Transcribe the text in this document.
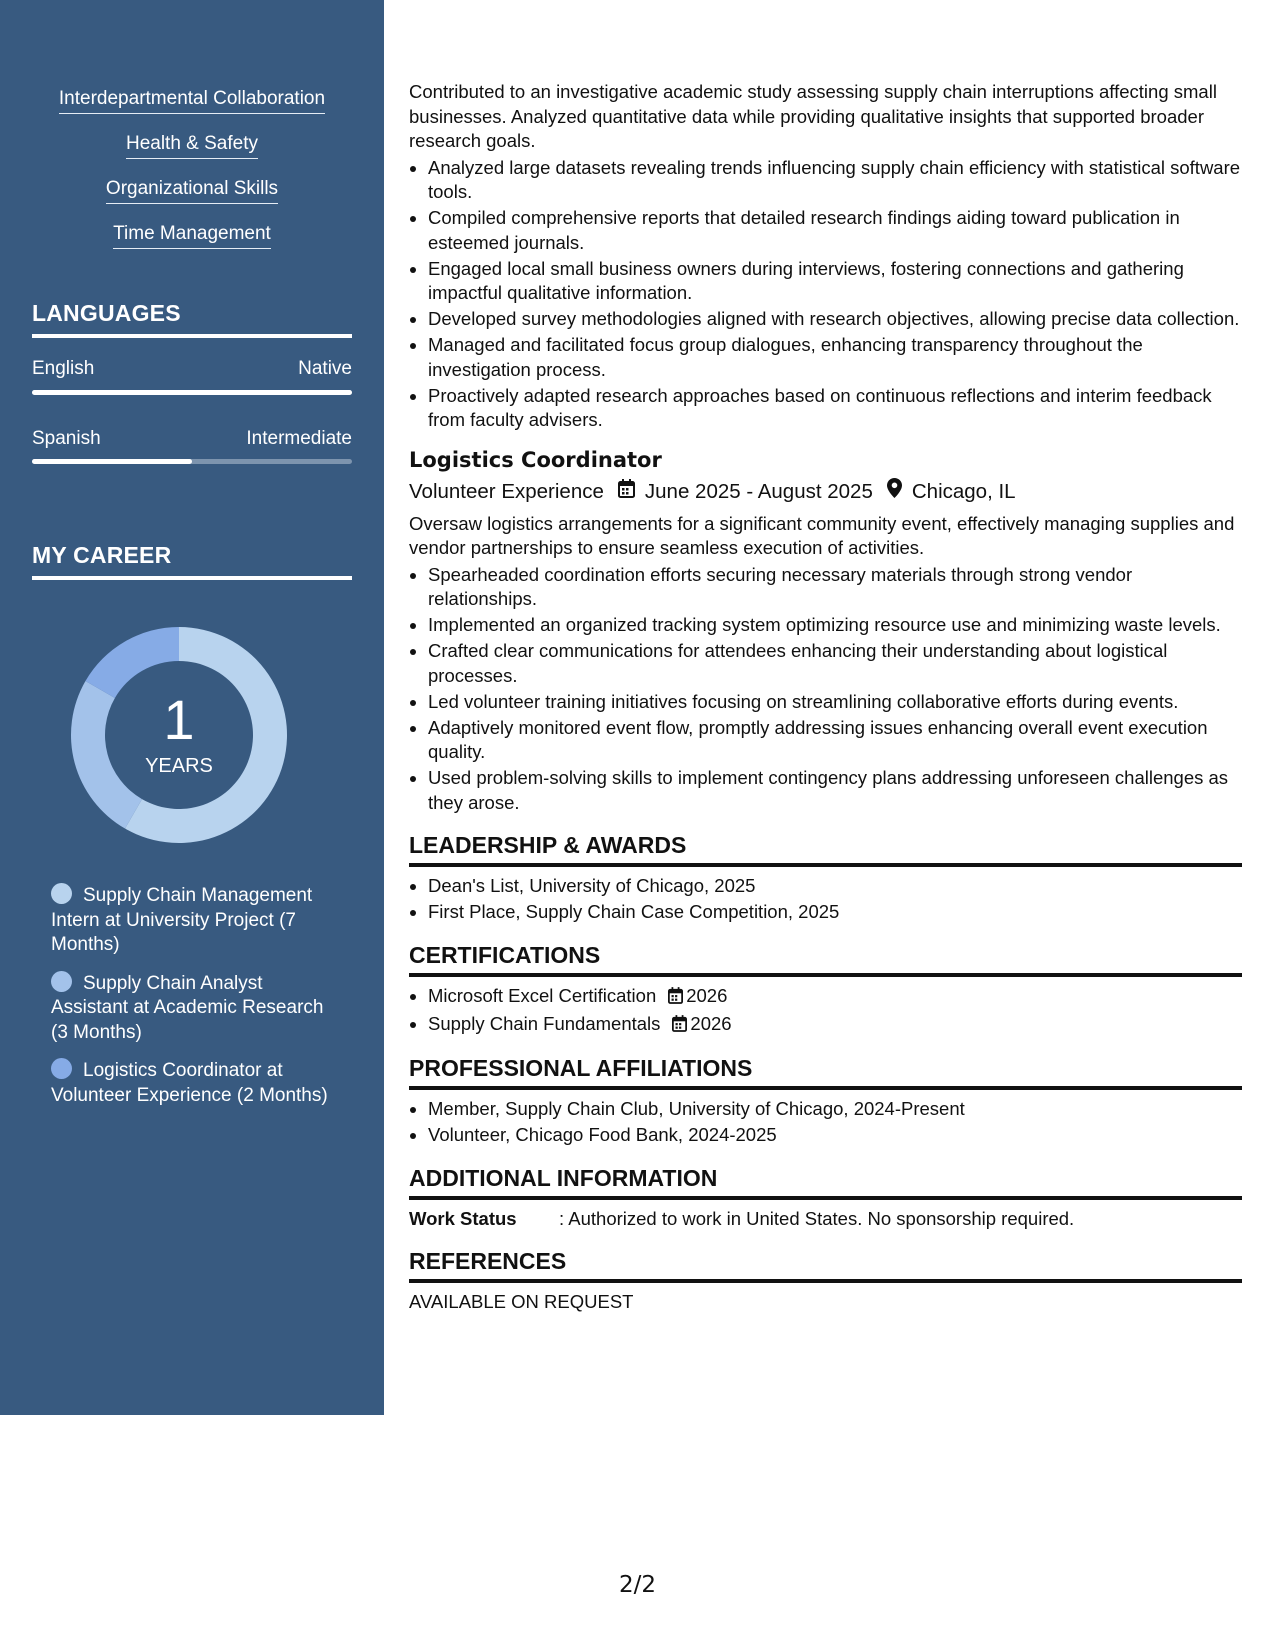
Interdepartmental Collaboration
Health & Safety
Organizational Skills
Time Management
LANGUAGES
English	Native
Spanish	Intermediate
MY CAREER
1
YEARS
Supply Chain Management Intern at University Project (7 Months)
Supply Chain Analyst Assistant at Academic Research (3 Months)
Logistics Coordinator at Volunteer Experience (2 Months)

Contributed to an investigative academic study assessing supply chain interruptions affecting small businesses. Analyzed quantitative data while providing qualitative insights that supported broader research goals.

• Analyzed large datasets revealing trends influencing supply chain efficiency with statistical software tools.
• Compiled comprehensive reports that detailed research findings aiding toward publication in esteemed journals.
• Engaged local small business owners during interviews, fostering connections and gathering impactful qualitative information.
• Developed survey methodologies aligned with research objectives, allowing precise data collection.
• Managed and facilitated focus group dialogues, enhancing transparency throughout the investigation process.
• Proactively adapted research approaches based on continuous reflections and interim feedback from faculty advisers.
Logistics Coordinator
Volunteer Experience June 2025 - August 2025 Chicago, IL

Oversaw logistics arrangements for a significant community event, effectively managing supplies and vendor partnerships to ensure seamless execution of activities.

• Spearheaded coordination efforts securing necessary materials through strong vendor relationships.
• Implemented an organized tracking system optimizing resource use and minimizing waste levels.
• Crafted clear communications for attendees enhancing their understanding about logistical processes.
• Led volunteer training initiatives focusing on streamlining collaborative efforts during events.
• Adaptively monitored event flow, promptly addressing issues enhancing overall event execution quality.
• Used problem-solving skills to implement contingency plans addressing unforeseen challenges as they arose.
LEADERSHIP & AWARDS
• Dean's List, University of Chicago, 2025
• First Place, Supply Chain Case Competition, 2025
CERTIFICATIONS
• Microsoft Excel Certification 2026
• Supply Chain Fundamentals 2026
PROFESSIONAL AFFILIATIONS
• Member, Supply Chain Club, University of Chicago, 2024-Present
• Volunteer, Chicago Food Bank, 2024-2025
ADDITIONAL INFORMATION
Work Status	: Authorized to work in United States. No sponsorship required.
REFERENCES

AVAILABLE ON REQUEST

2/2
